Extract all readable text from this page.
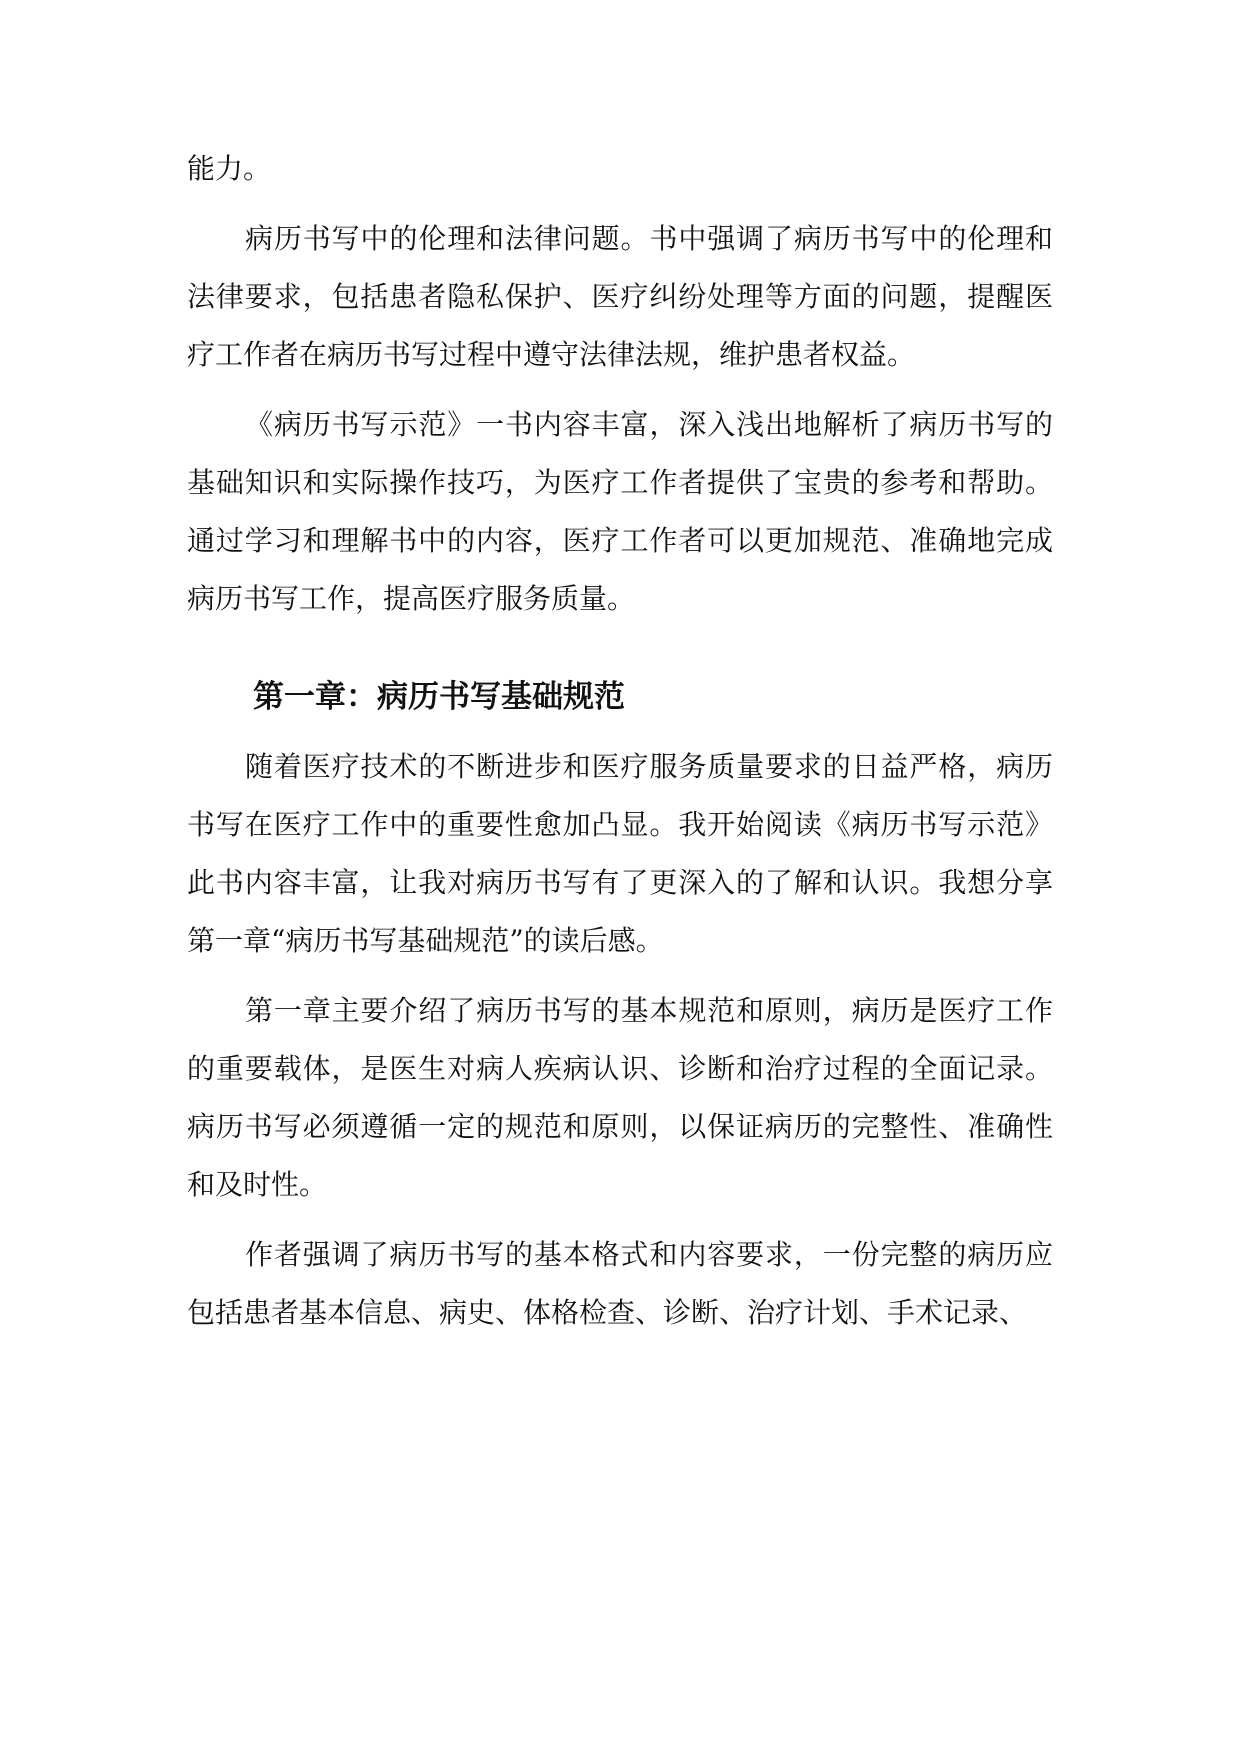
能力。

病历书写中的伦理和法律问题。书中强调了病历书写中的伦理和法律要求，包括患者隐私保护、医疗纠纷处理等方面的问题，提醒医疗工作者在病历书写过程中遵守法律法规，维护患者权益。

《病历书写示范》一书内容丰富，深入浅出地解析了病历书写的基础知识和实际操作技巧，为医疗工作者提供了宝贵的参考和帮助。通过学习和理解书中的内容，医疗工作者可以更加规范、准确地完成病历书写工作，提高医疗服务质量。

第一章：病历书写基础规范

随着医疗技术的不断进步和医疗服务质量要求的日益严格，病历书写在医疗工作中的重要性愈加凸显。我开始阅读《病历书写示范》此书内容丰富，让我对病历书写有了更深入的了解和认识。我想分享第一章“病历书写基础规范”的读后感。

第一章主要介绍了病历书写的基本规范和原则，病历是医疗工作的重要载体，是医生对病人疾病认识、诊断和治疗过程的全面记录。病历书写必须遵循一定的规范和原则，以保证病历的完整性、准确性和及时性。

作者强调了病历书写的基本格式和内容要求，一份完整的病历应包括患者基本信息、病史、体格检查、诊断、治疗计划、手术记录、
